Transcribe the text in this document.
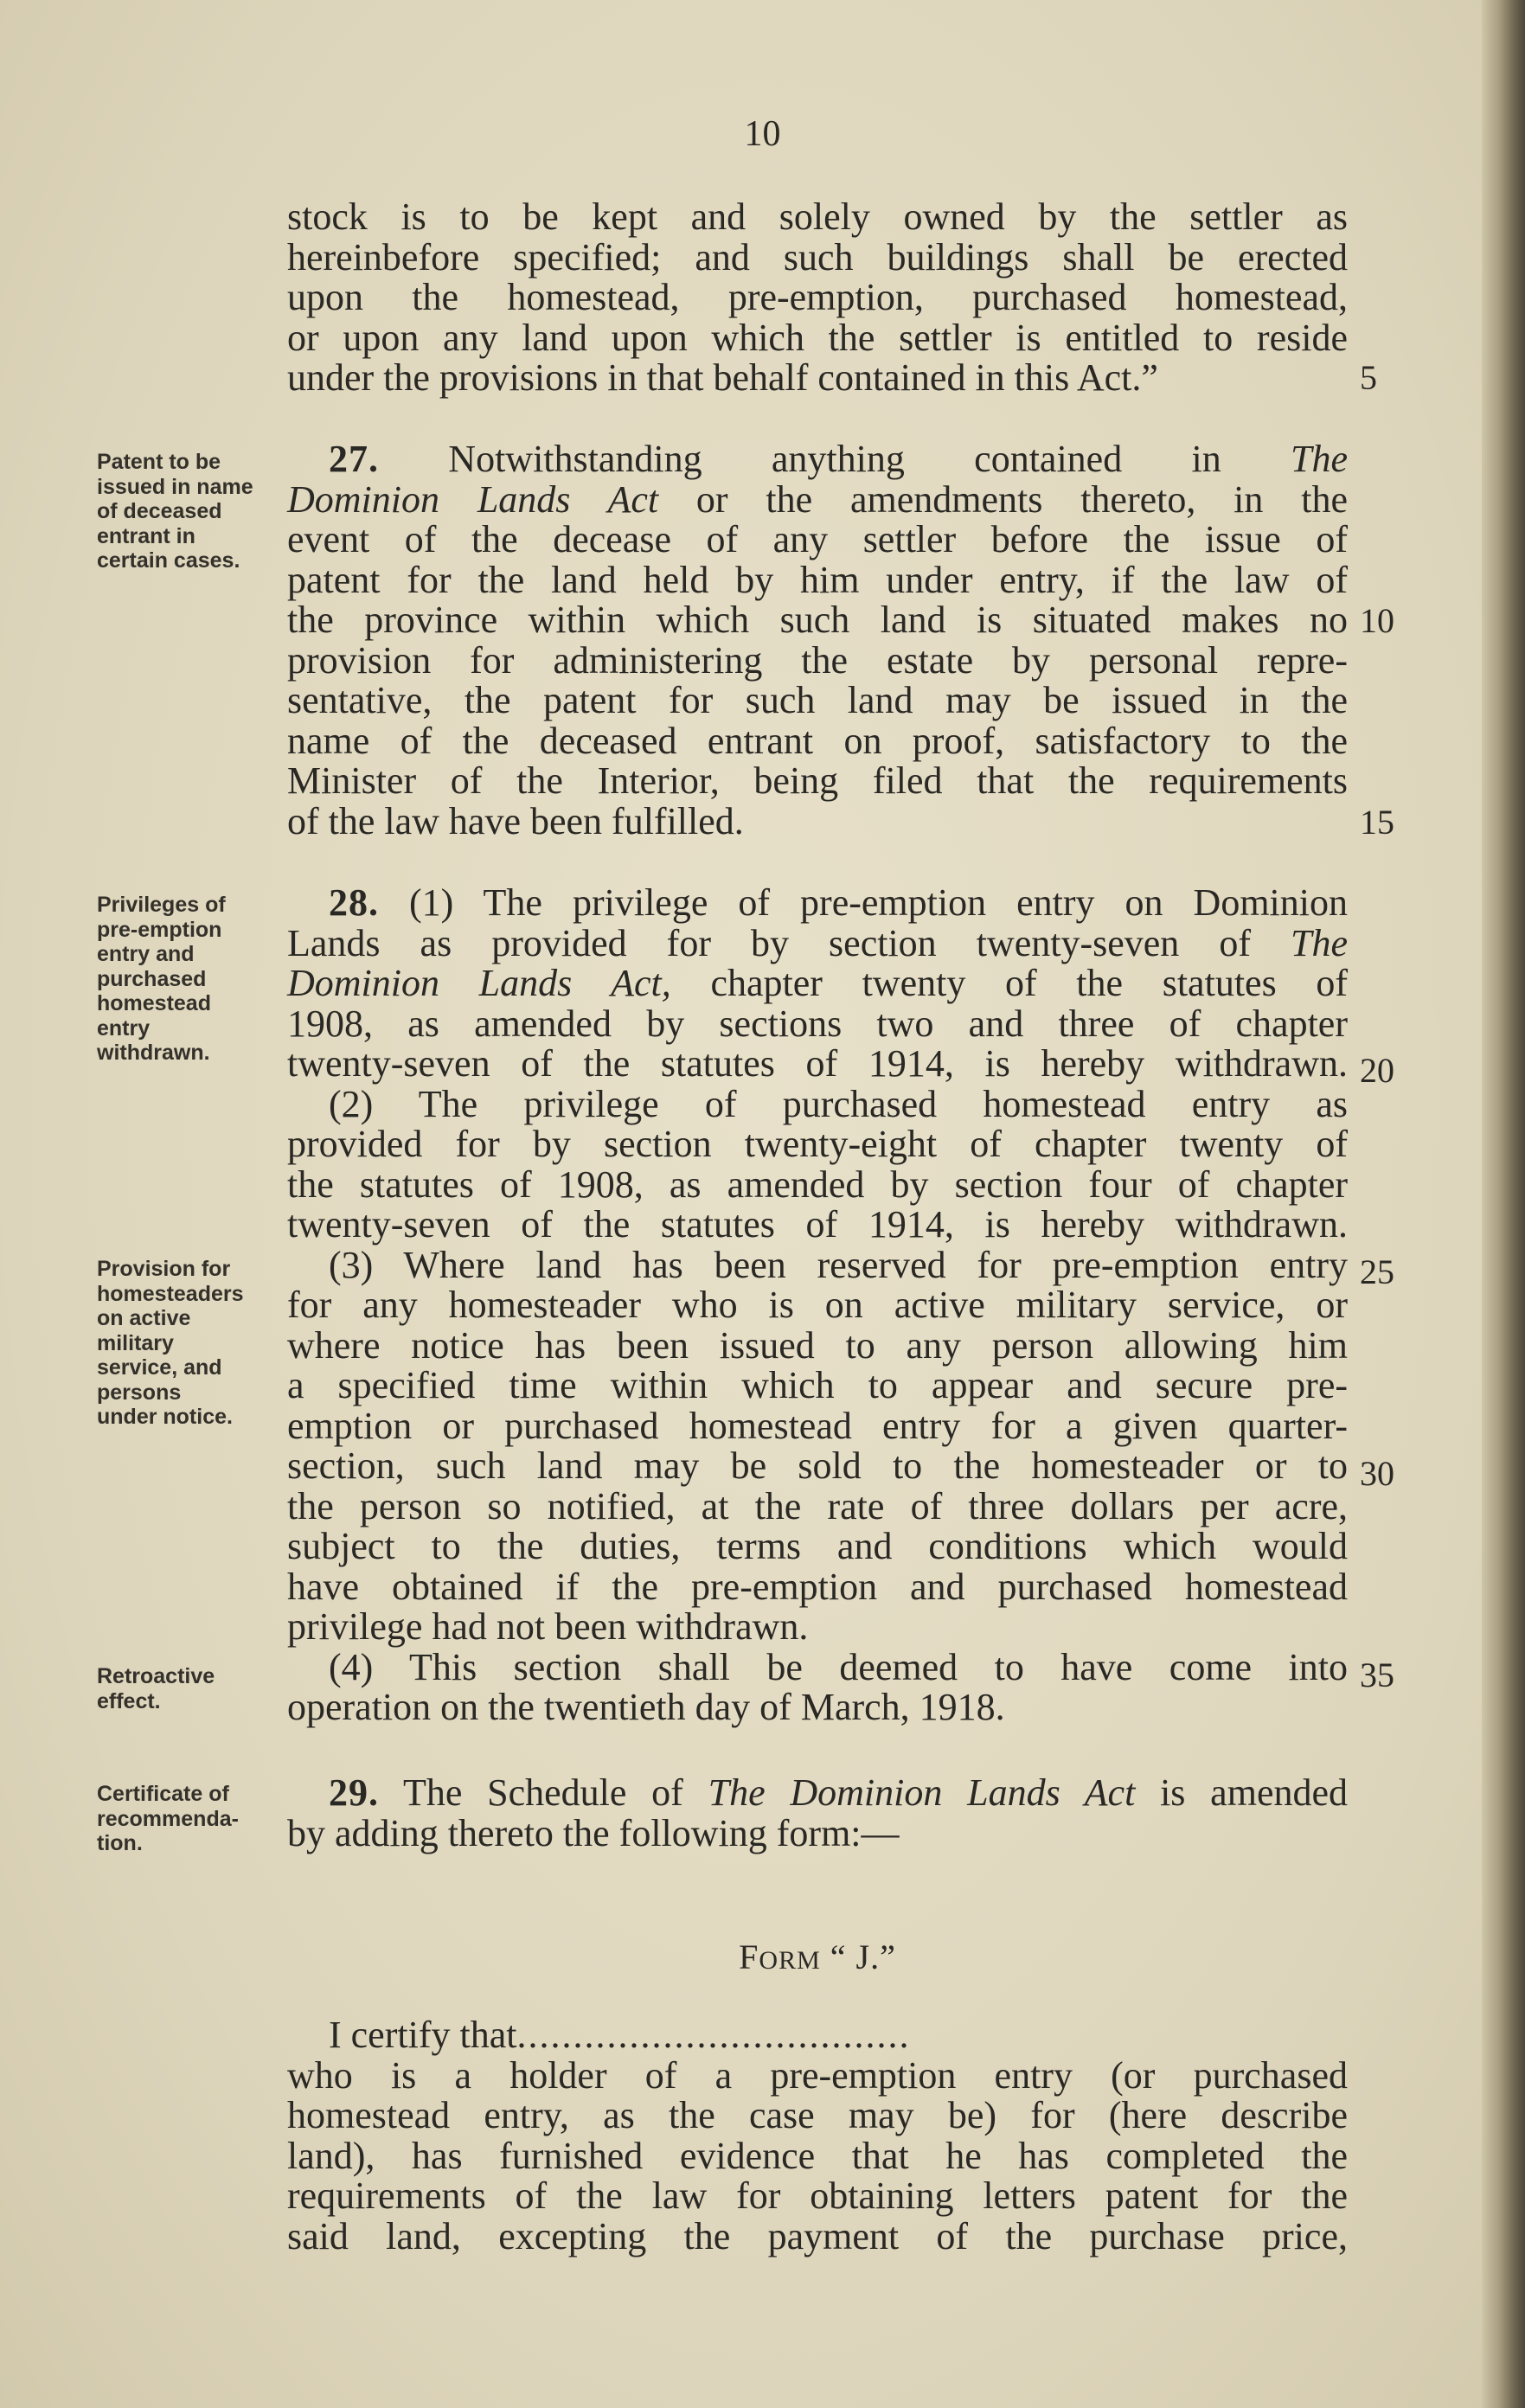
10
5
10
15
20
25
30
35
Patent to be
issued in name
of deceased
entrant in
certain cases.
Privileges of
pre-emption
entry and
purchased
homestead
entry
withdrawn.
Provision for
homesteaders
on active
military
service, and
persons
under notice.
Retroactive
effect.
Certificate of
recommenda-
tion.
stock is to be kept and solely owned by the settler as
hereinbefore specified; and such buildings shall be erected
upon the homestead, pre-emption, purchased homestead,
or upon any land upon which the settler is entitled to reside
under the provisions in that behalf contained in this Act.”
27. Notwithstanding anything contained in The
Dominion Lands Act or the amendments thereto, in the
event of the decease of any settler before the issue of
patent for the land held by him under entry, if the law of
the province within which such land is situated makes no
provision for administering the estate by personal repre-
sentative, the patent for such land may be issued in the
name of the deceased entrant on proof, satisfactory to the
Minister of the Interior, being filed that the requirements
of the law have been fulfilled.
28. (1) The privilege of pre-emption entry on Dominion
Lands as provided for by section twenty-seven of The
Dominion Lands Act, chapter twenty of the statutes of
1908, as amended by sections two and three of chapter
twenty-seven of the statutes of 1914, is hereby withdrawn.
(2) The privilege of purchased homestead entry as
provided for by section twenty-eight of chapter twenty of
the statutes of 1908, as amended by section four of chapter
twenty-seven of the statutes of 1914, is hereby withdrawn.
(3) Where land has been reserved for pre-emption entry
for any homesteader who is on active military service, or
where notice has been issued to any person allowing him
a specified time within which to appear and secure pre-
emption or purchased homestead entry for a given quarter-
section, such land may be sold to the homesteader or to
the person so notified, at the rate of three dollars per acre,
subject to the duties, terms and conditions which would
have obtained if the pre-emption and purchased homestead
privilege had not been withdrawn.
(4) This section shall be deemed to have come into
operation on the twentieth day of March, 1918.
29. The Schedule of The Dominion Lands Act is amended
by adding thereto the following form:—
FORM “ J.”
I certify that...................................
who is a holder of a pre-emption entry (or purchased
homestead entry, as the case may be) for (here describe
land), has furnished evidence that he has completed the
requirements of the law for obtaining letters patent for the
said land, excepting the payment of the purchase price,
